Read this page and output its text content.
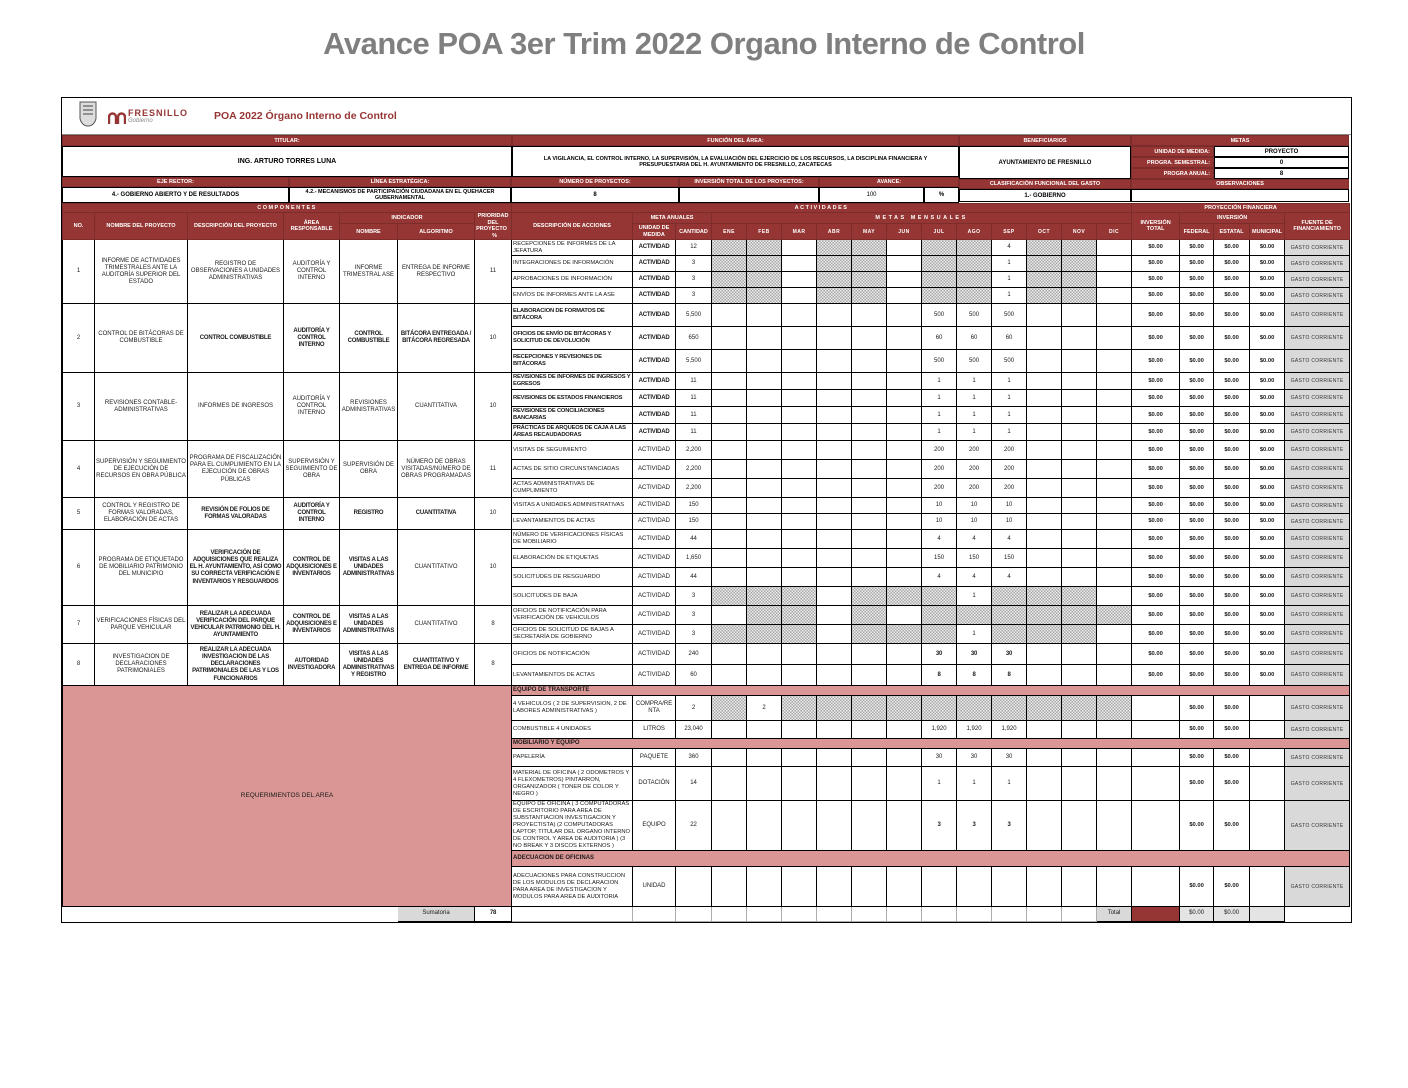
Avance POA 3er Trim 2022 Organo Interno de Control
FRESNILLO
Gobierno	POA 2022 Órgano Interno de Control
TITULAR:	FUNCIÓN DEL ÁREA:
ING. ARTURO TORRES LUNA	LA VIGILANCIA, EL CONTROL INTERNO, LA SUPERVISIÓN, LA EVALUACIÓN DEL EJERCICIO DE LOS RECURSOS, LA DISCIPLINA FINANCIERA Y PRESUPUESTARIA DEL H. AYUNTAMIENTO DE FRESNILLO, ZACATECAS
EJE RECTOR:	LÍNEA ESTRATÉGICA:	NÚMERO DE PROYECTOS:	INVERSIÓN TOTAL DE LOS PROYECTOS:	AVANCE:
4.- GOBIERNO ABIERTO Y DE RESULTADOS	4.2.- MECANISMOS DE PARTICIPACIÓN CIUDADANA EN EL QUEHACER GUBERNAMENTAL	8	100	%
BENEFICIARIOS	METAS
AYUNTAMIENTO DE FRESNILLO
UNIDAD DE MEDIDA:	PROYECTO
PROGRA. SEMESTRAL:	0
PROGRA ANUAL:	8
CLASIFICACIÓN FUNCIONAL DEL GASTO	OBSERVACIONES
1.- GOBIERNO
COMPONENTES							ACTIVIDADES															PROYECCIÓN FINANCIERA				
NO.	NOMBRE DEL PROYECTO	DESCRIPCIÓN DEL PROYECTO	ÁREA RESPONSABLE	INDICADOR		PRIORIDAD DEL PROYECTO    %	DESCRIPCIÓN DE ACCIONES	META ANUALES		METAS MENSUALES												INVERSIÓN TOTAL	INVERSIÓN			FUENTE DE FINANCIAMIENTO
				NOMBRE	ALGORITMO			UNIDAD DE MEDIDA	CANTIDAD	ENE	FEB	MAR	ABR	MAY	JUN	JUL	AGO	SEP	OCT	NOV	DIC		FEDERAL	ESTATAL	MUNICIPAL	
1	INFORME DE ACTIVIDADES TRIMESTRALES ANTE LA AUDITORÍA SUPERIOR DEL ESTADO	REGISTRO DE OBSERVACIONES A UNIDADES ADMINISTRATIVAS	AUDITORÍA Y CONTROL INTERNO	INFORME TRIMESTRAL ASE	ENTREGA DE INFORME RESPECTIVO	11	RECEPCIONES DE INFORMES DE LA JEFATURA	ACTIVIDAD	12									4				$0.00	$0.00	$0.00	$0.00	GASTO CORRIENTE
							INTEGRACIONES DE INFORMACIÓN	ACTIVIDAD	3									1				$0.00	$0.00	$0.00	$0.00	GASTO CORRIENTE
							APROBACIONES DE INFORMACIÓN	ACTIVIDAD	3									1				$0.00	$0.00	$0.00	$0.00	GASTO CORRIENTE
							ENVÍOS DE INFORMES ANTE LA ASE	ACTIVIDAD	3									1				$0.00	$0.00	$0.00	$0.00	GASTO CORRIENTE
2	CONTROL DE BITÁCORAS DE COMBUSTIBLE	CONTROL COMBUSTIBLE	AUDITORÍA Y CONTROL INTERNO	CONTROL COMBUSTIBLE	BITÁCORA ENTREGADA / BITÁCORA REGRESADA	10	ELABORACION DE FORMATOS DE BITÁCORA	ACTIVIDAD	5,500							500	500	500				$0.00	$0.00	$0.00	$0.00	GASTO CORRIENTE
							OFICIOS DE ENVÍO DE BITÁCORAS Y SOLICITUD DE DEVOLUCIÓN	ACTIVIDAD	650							60	60	60				$0.00	$0.00	$0.00	$0.00	GASTO CORRIENTE
							RECEPCIONES Y REVISIONES DE BITÁCORAS	ACTIVIDAD	5,500							500	500	500				$0.00	$0.00	$0.00	$0.00	GASTO CORRIENTE
3	REVISIONES CONTABLE-ADMINISTRATIVAS	INFORMES DE INGRESOS	AUDITORÍA Y CONTROL INTERNO	REVISIONES ADMINISTRATIVAS	CUANTITATIVA	10	REVISIONES DE INFORMES DE INGRESOS Y EGRESOS	ACTIVIDAD	11							1	1	1				$0.00	$0.00	$0.00	$0.00	GASTO CORRIENTE
							REVISIONES DE ESTADOS FINANCIEROS	ACTIVIDAD	11							1	1	1				$0.00	$0.00	$0.00	$0.00	GASTO CORRIENTE
							REVISIONES DE CONCILIACIONES BANCARIAS	ACTIVIDAD	11							1	1	1				$0.00	$0.00	$0.00	$0.00	GASTO CORRIENTE
							PRÁCTICAS DE ARQUEOS DE CAJA A LAS ÁREAS RECAUDADORAS	ACTIVIDAD	11							1	1	1				$0.00	$0.00	$0.00	$0.00	GASTO CORRIENTE
4	SUPERVISIÓN Y SEGUIMIENTO DE EJECUCIÓN DE RECURSOS EN OBRA PÚBLICA	PROGRAMA DE FISCALIZACIÓN PARA EL CUMPLIMIENTO EN LA EJECUCIÓN DE OBRAS PÚBLICAS	SUPERVISIÓN Y SEGUIMIENTO DE OBRA	SUPERVISIÓN DE OBRA	NÚMERO DE OBRAS VISITADAS/NÚMERO DE OBRAS PROGRAMADAS	11	VISITAS DE SEGUIMIENTO	ACTIVIDAD	2,200							200	200	200				$0.00	$0.00	$0.00	$0.00	GASTO CORRIENTE
							ACTAS DE SITIO CIRCUNSTANCIADAS	ACTIVIDAD	2,200							200	200	200				$0.00	$0.00	$0.00	$0.00	GASTO CORRIENTE
							ACTAS ADMINISTRATIVAS DE CUMPLIMIENTO	ACTIVIDAD	2,200							200	200	200				$0.00	$0.00	$0.00	$0.00	GASTO CORRIENTE
5	CONTROL Y REGISTRO DE FORMAS VALORADAS, ELABORACIÓN DE ACTAS	REVISIÓN DE FOLIOS DE FORMAS VALORADAS	AUDITORÍA Y CONTROL INTERNO	REGISTRO	CUANTITATIVA	10	VISITAS A UNIDADES ADMINISTRATIVAS	ACTIVIDAD	150							10	10	10				$0.00	$0.00	$0.00	$0.00	GASTO CORRIENTE
							LEVANTAMIENTOS DE ACTAS	ACTIVIDAD	150							10	10	10				$0.00	$0.00	$0.00	$0.00	GASTO CORRIENTE
6	PROGRAMA DE ETIQUETADO DE MOBILIARIO PATRIMONIO DEL MUNICIPIO	VERIFICACIÓN DE ADQUISICIONES QUE REALIZA EL H. AYUNTAMIENTO, ASÍ COMO SU CORRECTA VERIFICACIÓN E INVENTARIOS Y RESGUARDOS	CONTROL DE ADQUISICIONES E INVENTARIOS	VISITAS A LAS UNIDADES ADMINISTRATIVAS	CUANTITATIVO	10	NÚMERO DE VERIFICACIONES FÍSICAS DE MOBILIARIO	ACTIVIDAD	44							4	4	4				$0.00	$0.00	$0.00	$0.00	GASTO CORRIENTE
							ELABORACIÓN DE ETIQUETAS	ACTIVIDAD	1,650							150	150	150				$0.00	$0.00	$0.00	$0.00	GASTO CORRIENTE
							SOLICITUDES DE RESGUARDO	ACTIVIDAD	44							4	4	4				$0.00	$0.00	$0.00	$0.00	GASTO CORRIENTE
							SOLICITUDES DE BAJA	ACTIVIDAD	3								1					$0.00	$0.00	$0.00	$0.00	GASTO CORRIENTE
7	VERIFICACIONES FÍSICAS DEL PARQUE VEHICULAR	REALIZAR LA ADECUADA VERIFICACIÓN DEL PARQUE VEHICULAR PATRIMONIO DEL H. AYUNTAMIENTO	CONTROL DE ADQUISICIONES E INVENTARIOS	VISITAS A LAS UNIDADES ADMINISTRATIVAS	CUANTITATIVO	8	OFICIOS DE NOTIFICACIÓN PARA VERIFICACIÓN DE VEHICULOS	ACTIVIDAD	3													$0.00	$0.00	$0.00	$0.00	GASTO CORRIENTE
							OFICIOS DE SOLICITUD DE BAJAS A SECRETARÍA DE GOBIERNO	ACTIVIDAD	3								1					$0.00	$0.00	$0.00	$0.00	GASTO CORRIENTE
8	INVESTIGACION DE DECLARACIONES PATRIMONIALES	REALIZAR LA ADECUADA INVESTIGACION DE LAS DECLARACIONES PATRIMONIALES DE LAS Y LOS FUNCIONARIOS	AUTORIDAD INVESTIGADORA	VISITAS A LAS UNIDADES ADMINISTRATIVAS Y REGISTRO	CUANTITATIVO Y ENTREGA DE INFORME	8	OFICIOS DE NOTIFICACIÓN	ACTIVIDAD	240							30	30	30				$0.00	$0.00	$0.00	$0.00	GASTO CORRIENTE
							LEVANTAMIENTOS DE ACTAS	ACTIVIDAD	60							8	8	8				$0.00	$0.00	$0.00	$0.00	GASTO CORRIENTE
REQUERIMIENTOS DEL AREA							EQUIPO DE TRANSPORTE																			
							4 VEHICULOS ( 2 DE SUPERVISION, 2 DE LABORES ADMINISTRATIVAS )	COMPRA/RENTA	2		2												$0.00	$0.00		GASTO CORRIENTE
							COMBUSTIBLE 4 UNIDADES	LITROS	23,040							1,920	1,920	1,920					$0.00	$0.00		GASTO CORRIENTE
							MOBILIARIO Y EQUIPO																			
							PAPELERÍA	PAQUETE	360							30	30	30					$0.00	$0.00		GASTO CORRIENTE
							MATERIAL DE OFICINA ( 2 ODOMETROS Y 4 FLEXOMETROS) PINTARRON, ORGANIZADOR ( TONER DE COLOR Y NEGRO )	DOTACIÓN	14							1	1	1					$0.00	$0.00		GASTO CORRIENTE
							EQUIPO DE OFICINA ( 3 COMPUTADORAS DE ESCRITORIO PARA AREA DE SUBSTANTIACION INVESTIGACION Y PROYECTISTA) (2 COMPUTADORAS LAPTOP, TITULAR DEL ORGANO INTERNO DE CONTROL Y AREA DE AUDITORIA ) (3 NO BREAK Y 3 DISCOS EXTERNOS )	EQUIPO	22							3	3	3					$0.00	$0.00		GASTO CORRIENTE
							ADECUACION DE OFICINAS																			
							ADECUACIONES PARA CONSTRUCCION DE LOS MODULOS DE DECLARACION PARA AREA DE INVESTIGACION Y MODULOS PARA AREA DE AUDITORIA	UNIDAD															$0.00	$0.00		GASTO CORRIENTE
					Sumatoria	78															Total		$0.00	$0.00		
